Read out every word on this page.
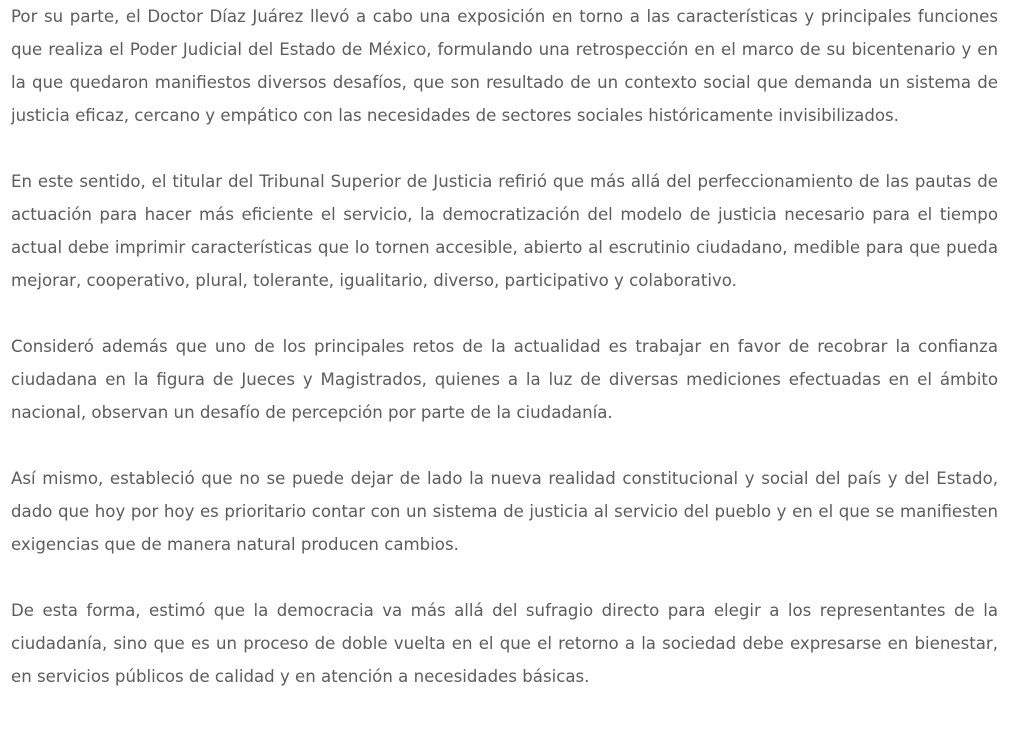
Por su parte, el Doctor Díaz Juárez llevó a cabo una exposición en torno a las características y principales funciones que realiza el Poder Judicial del Estado de México, formulando una retrospección en el marco de su bicentenario y en la que quedaron manifiestos diversos desafíos, que son resultado de un contexto social que demanda un sistema de justicia eficaz, cercano y empático con las necesidades de sectores sociales históricamente invisibilizados.

En este sentido, el titular del Tribunal Superior de Justicia refirió que más allá del perfeccionamiento de las pautas de actuación para hacer más eficiente el servicio, la democratización del modelo de justicia necesario para el tiempo actual debe imprimir características que lo tornen accesible, abierto al escrutinio ciudadano, medible para que pueda mejorar, cooperativo, plural, tolerante, igualitario, diverso, participativo y colaborativo.

Consideró además que uno de los principales retos de la actualidad es trabajar en favor de recobrar la confianza ciudadana en la figura de Jueces y Magistrados, quienes a la luz de diversas mediciones efectuadas en el ámbito nacional, observan un desafío de percepción por parte de la ciudadanía.

Así mismo, estableció que no se puede dejar de lado la nueva realidad constitucional y social del país y del Estado, dado que hoy por hoy es prioritario contar con un sistema de justicia al servicio del pueblo y en el que se manifiesten exigencias que de manera natural producen cambios.

De esta forma, estimó que la democracia va más allá del sufragio directo para elegir a los representantes de la ciudadanía, sino que es un proceso de doble vuelta en el que el retorno a la sociedad debe expresarse en bienestar, en servicios públicos de calidad y en atención a necesidades básicas.
